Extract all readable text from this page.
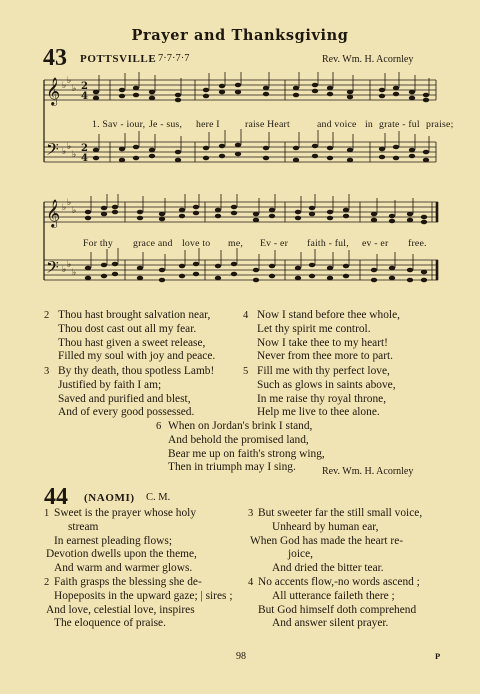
Prayer and Thanksgiving
43 POTTSVILLE 7·7·7·7	Rev. Wm. H. Acornley
𝄞
𝄢
♭ ♭
♭
♭ ♭
♭
2
4
2
4
1. Sav - iour, Je - sus, here I	raise Heart	and voice in grate - ful praise;
𝄞
𝄢
♭ ♭
♭
♭ ♭
♭
For thy grace and love to me, Ev - er faith - ful, ev - er free.
2 Thou hast brought salvation near,
Thou dost cast out all my fear.
Thou hast given a sweet release,
Filled my soul with joy and peace.
3 By thy death, thou spotless Lamb!
Justified by faith I am;
Saved and purified and blest,
And of every good possessed.
4 Now I stand before thee whole,
Let thy spirit me control.
Now I take thee to my heart!
Never from thee more to part.
5 Fill me with thy perfect love,
Such as glows in saints above,
In me raise thy royal throne,
Help me live to thee alone.
6 When on Jordan's brink I stand,
And behold the promised land,
Bear me up on faith's strong wing,
Then in triumph may I sing.	Rev. Wm. H. Acornley
44 (NAOMI) C. M.
1 Sweet is the prayer whose holy
stream
In earnest pleading flows;
Devotion dwells upon the theme,
And warm and warmer glows.
2 Faith grasps the blessing she de-
Hopeposits in the upward gaze; | sires ;
And love, celestial love, inspires
The eloquence of praise.
3 But sweeter far the still small voice,
Unheard by human ear,
When God has made the heart re-
joice,
And dried the bitter tear.
4 No accents flow,-no words ascend ;
All utterance faileth there ;
But God himself doth comprehend
And answer silent prayer.
98	P
